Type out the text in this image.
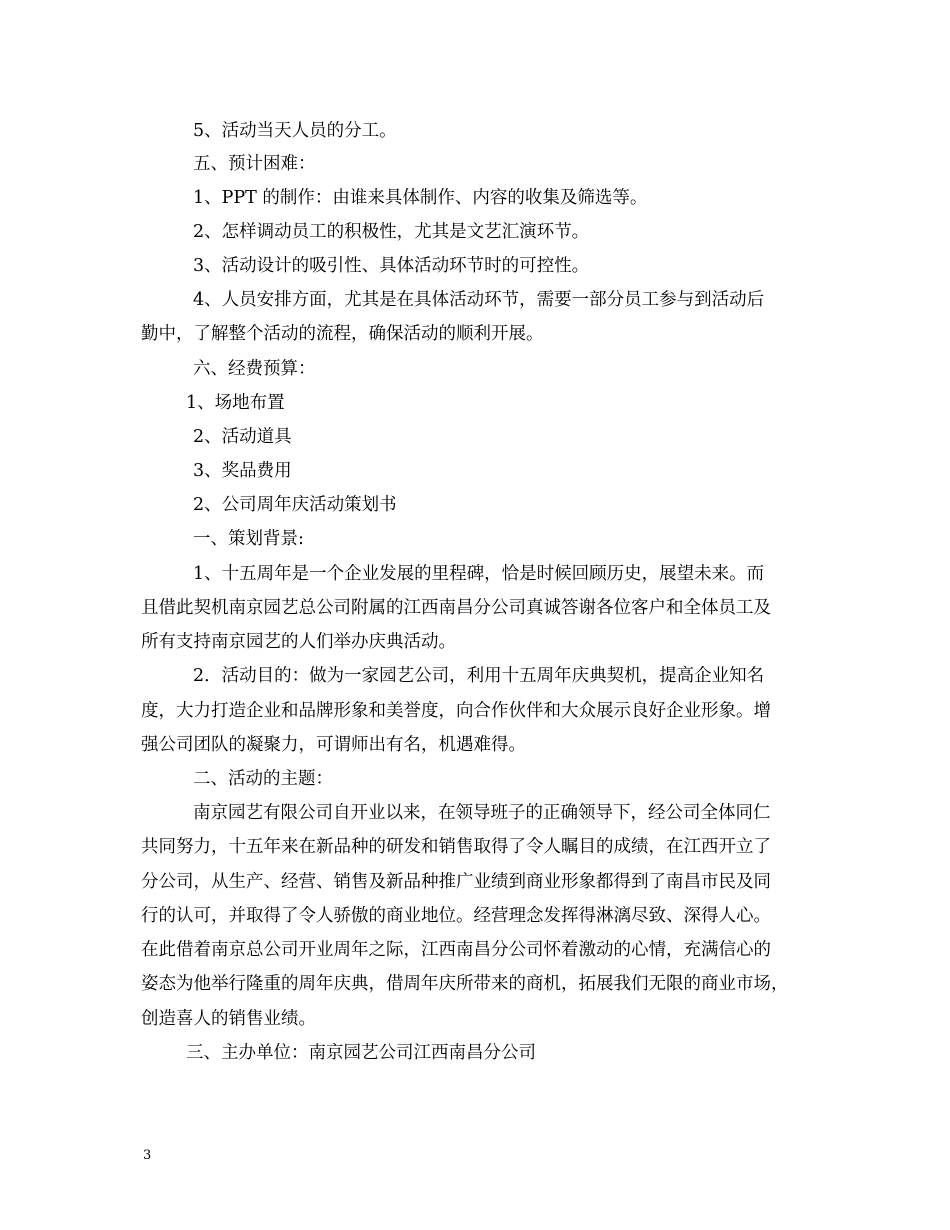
5、活动当天人员的分工。
五、预计困难：
1、PPT 的制作：由谁来具体制作、内容的收集及筛选等。
2、怎样调动员工的积极性，尤其是文艺汇演环节。
3、活动设计的吸引性、具体活动环节时的可控性。
4、人员安排方面，尤其是在具体活动环节，需要一部分员工参与到活动后
勤中，了解整个活动的流程，确保活动的顺利开展。
六、经费预算：
1、场地布置
2、活动道具
3、奖品费用
2、公司周年庆活动策划书
一、策划背景:
1、十五周年是一个企业发展的里程碑，恰是时候回顾历史，展望未来。而
且借此契机南京园艺总公司附属的江西南昌分公司真诚答谢各位客户和全体员工及
所有支持南京园艺的人们举办庆典活动。
2．活动目的：做为一家园艺公司，利用十五周年庆典契机，提高企业知名
度，大力打造企业和品牌形象和美誉度，向合作伙伴和大众展示良好企业形象。增
强公司团队的凝聚力，可谓师出有名，机遇难得。
二、活动的主题：
南京园艺有限公司自开业以来，在领导班子的正确领导下，经公司全体同仁
共同努力，十五年来在新品种的研发和销售取得了令人瞩目的成绩，在江西开立了
分公司，从生产、经营、销售及新品种推广业绩到商业形象都得到了南昌市民及同
行的认可，并取得了令人骄傲的商业地位。经营理念发挥得淋漓尽致、深得人心。
在此借着南京总公司开业周年之际，江西南昌分公司怀着激动的心情，充满信心的
姿态为他举行隆重的周年庆典，借周年庆所带来的商机，拓展我们无限的商业市场，
创造喜人的销售业绩。
三、主办单位：南京园艺公司江西南昌分公司
3
